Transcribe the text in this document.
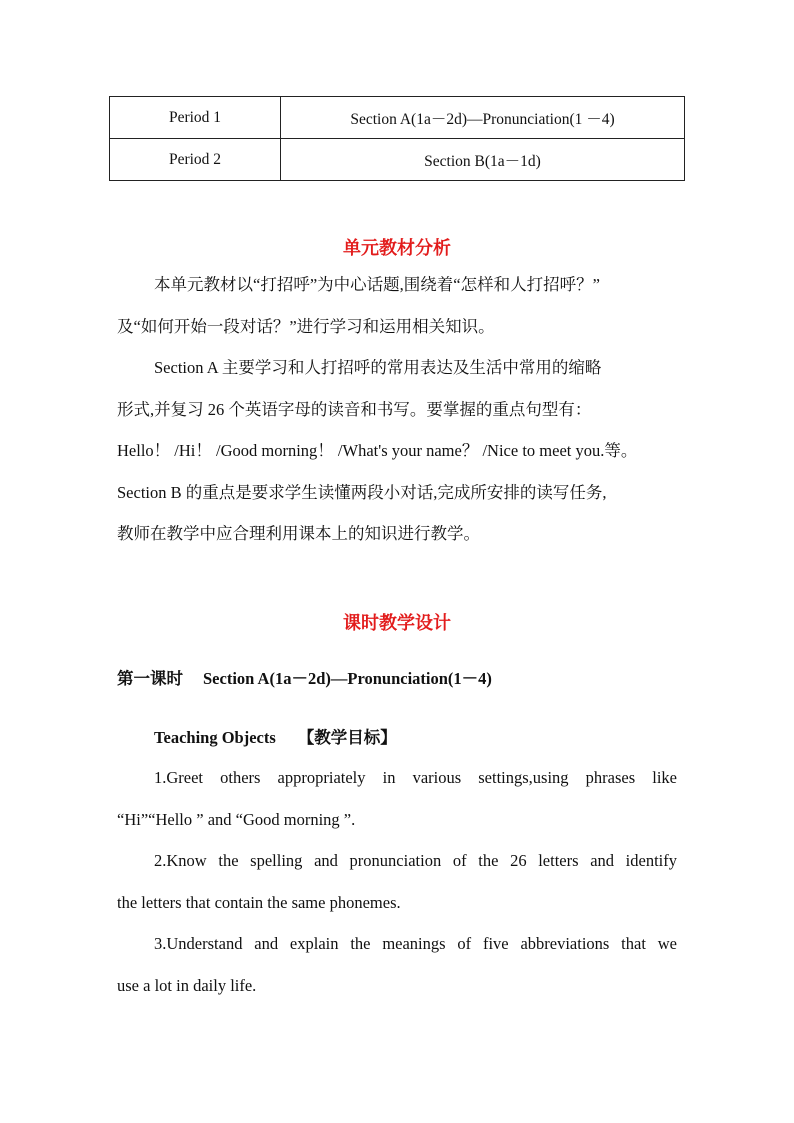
Period 1	Section A(1a－2d)—Pronunciation(1 －4)
Period 2	Section B(1a－1d)
单元教材分析
本单元教材以“打招呼”为中心话题,围绕着“怎样和人打招呼？”
及“如何开始一段对话？”进行学习和运用相关知识。
Section A 主要学习和人打招呼的常用表达及生活中常用的缩略
形式,并复习 26 个英语字母的读音和书写。要掌握的重点句型有：
Hello！ /Hi！ /Good morning！ /What's your name？ /Nice to meet you.等。
Section B 的重点是要求学生读懂两段小对话,完成所安排的读写任务,
教师在教学中应合理利用课本上的知识进行教学。
课时教学设计
第一课时 Section A(1a－2d)—Pronunciation(1－4)
Teaching Objects 【教学目标】
1.Greet others appropriately in various settings,using phrases like
“Hi”“Hello ” and “Good morning ”.
2.Know the spelling and pronunciation of the 26 letters and identify
the letters that contain the same phonemes.
3.Understand and explain the meanings of five abbreviations that we
use a lot in daily life.
